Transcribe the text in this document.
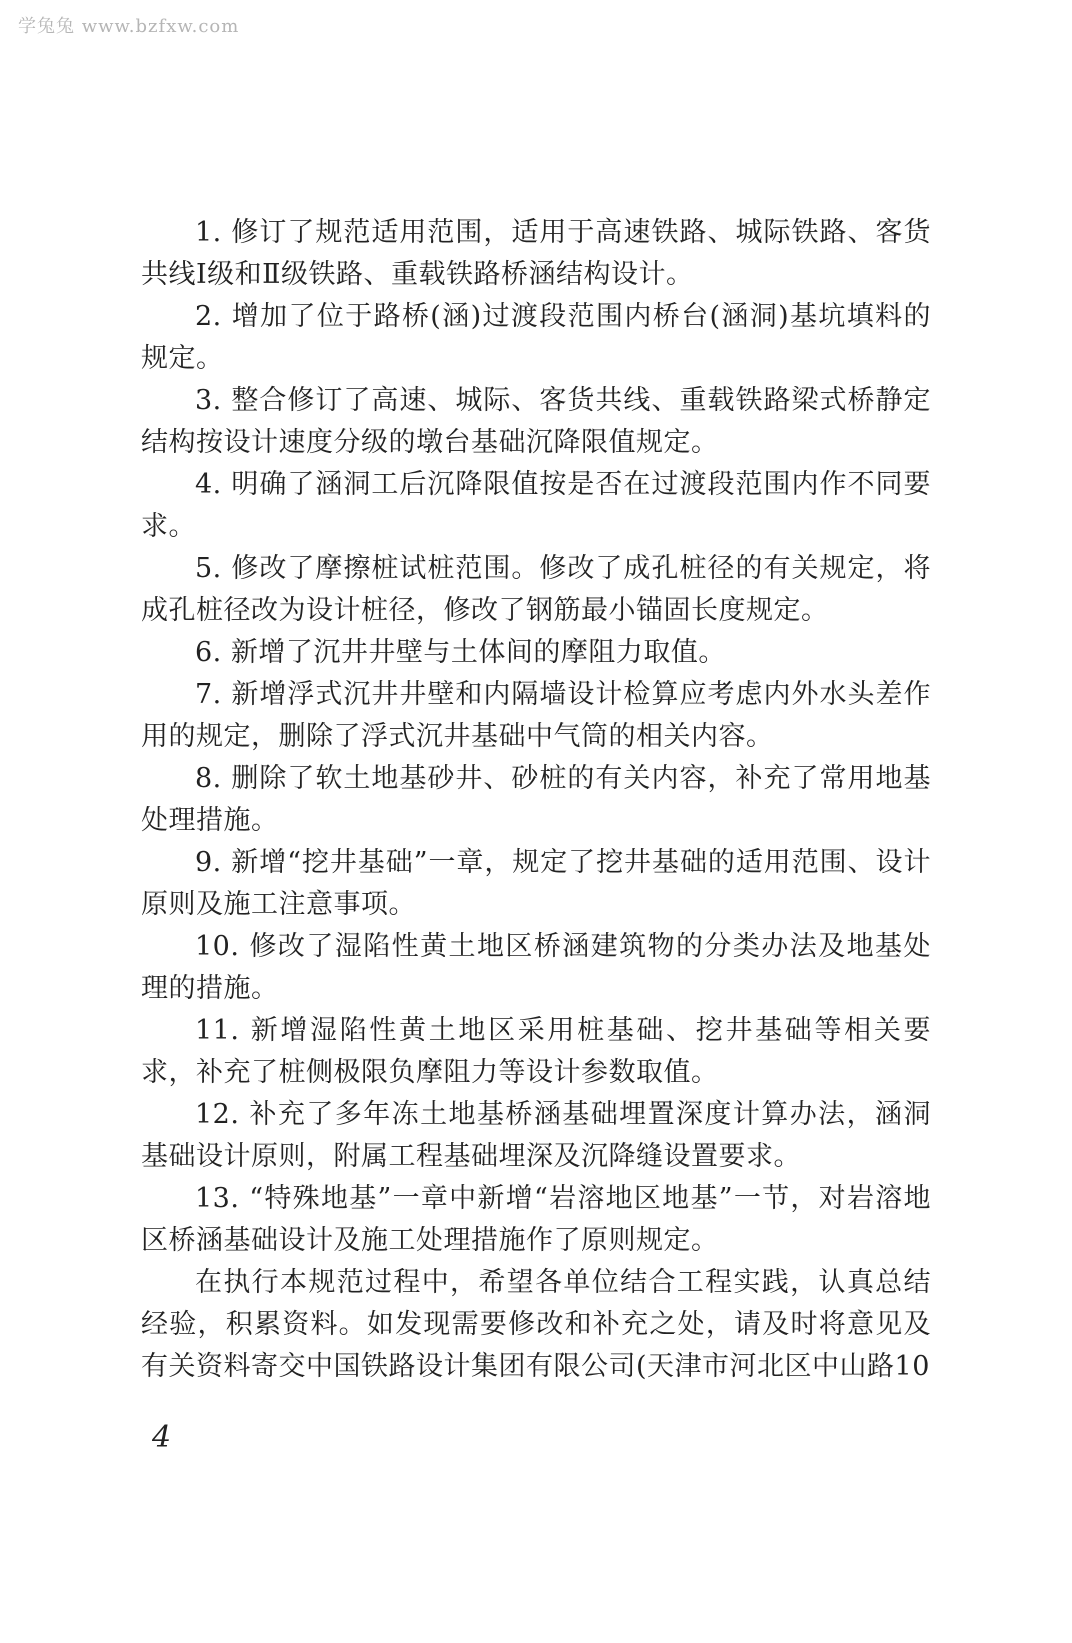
学兔兔 www.bzfxw.com

1. 修订了规范适用范围，适用于高速铁路、城际铁路、客货共线Ⅰ级和Ⅱ级铁路、重载铁路桥涵结构设计。

2. 增加了位于路桥(涵)过渡段范围内桥台(涵洞)基坑填料的规定。

3. 整合修订了高速、城际、客货共线、重载铁路梁式桥静定结构按设计速度分级的墩台基础沉降限值规定。

4. 明确了涵洞工后沉降限值按是否在过渡段范围内作不同要求。

5. 修改了摩擦桩试桩范围。修改了成孔桩径的有关规定，将成孔桩径改为设计桩径，修改了钢筋最小锚固长度规定。

6. 新增了沉井井壁与土体间的摩阻力取值。

7. 新增浮式沉井井壁和内隔墙设计检算应考虑内外水头差作用的规定，删除了浮式沉井基础中气筒的相关内容。

8. 删除了软土地基砂井、砂桩的有关内容，补充了常用地基处理措施。

9. 新增“挖井基础”一章，规定了挖井基础的适用范围、设计原则及施工注意事项。

10. 修改了湿陷性黄土地区桥涵建筑物的分类办法及地基处理的措施。

11. 新增湿陷性黄土地区采用桩基础、挖井基础等相关要求，补充了桩侧极限负摩阻力等设计参数取值。

12. 补充了多年冻土地基桥涵基础埋置深度计算办法，涵洞基础设计原则，附属工程基础埋深及沉降缝设置要求。

13. “特殊地基”一章中新增“岩溶地区地基”一节，对岩溶地区桥涵基础设计及施工处理措施作了原则规定。

在执行本规范过程中，希望各单位结合工程实践，认真总结经验，积累资料。如发现需要修改和补充之处，请及时将意见及有关资料寄交中国铁路设计集团有限公司(天津市河北区中山路10

4
